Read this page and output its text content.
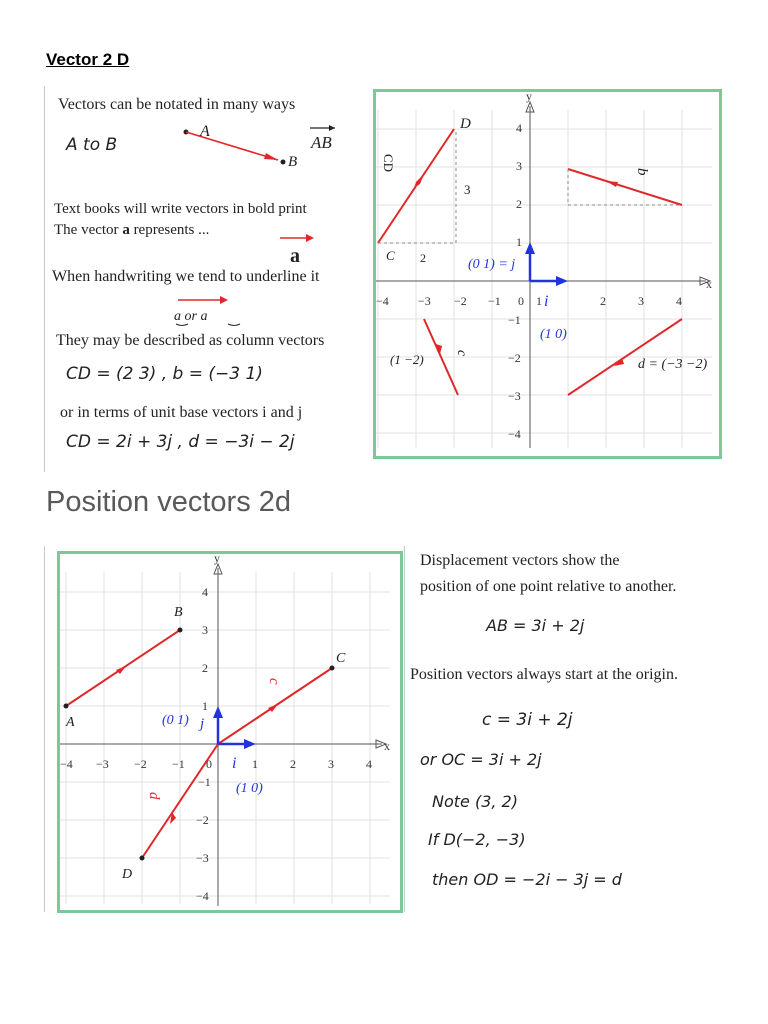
Vector 2 D
Vectors can be notated in many ways
A to B
A
B
AB
Text books will write vectors in bold print
The vector a represents ...
a
When handwriting we tend to underline it
a or a
They may be described as column vectors
CD = (2 3) , b = (−3 1)
or in terms of unit base vectors i and j
CD = 2i + 3j , d = −3i − 2j
x
y
−4 −3 −2 −1 0 1	2	3	4
4
3
2
1
−1
−2
−3
−4
D
C 2
3
CD
(0 1) = j
i
(1 0)
b
(1 −2) c
d = (−3 −2)
Position vectors 2d
x
y
−4 −3 −2 −1 0	1	2	3	4
4
3
2
1
−1
−2
−3
−4
A
B
C
c
D
d
(0 1) j
i
(1 0)
Displacement vectors show the
position of one point relative to another.
AB = 3i + 2j
Position vectors always start at the origin.
c = 3i + 2j
or OC = 3i + 2j
Note (3, 2)
If D(−2, −3)
then OD = −2i − 3j = d
